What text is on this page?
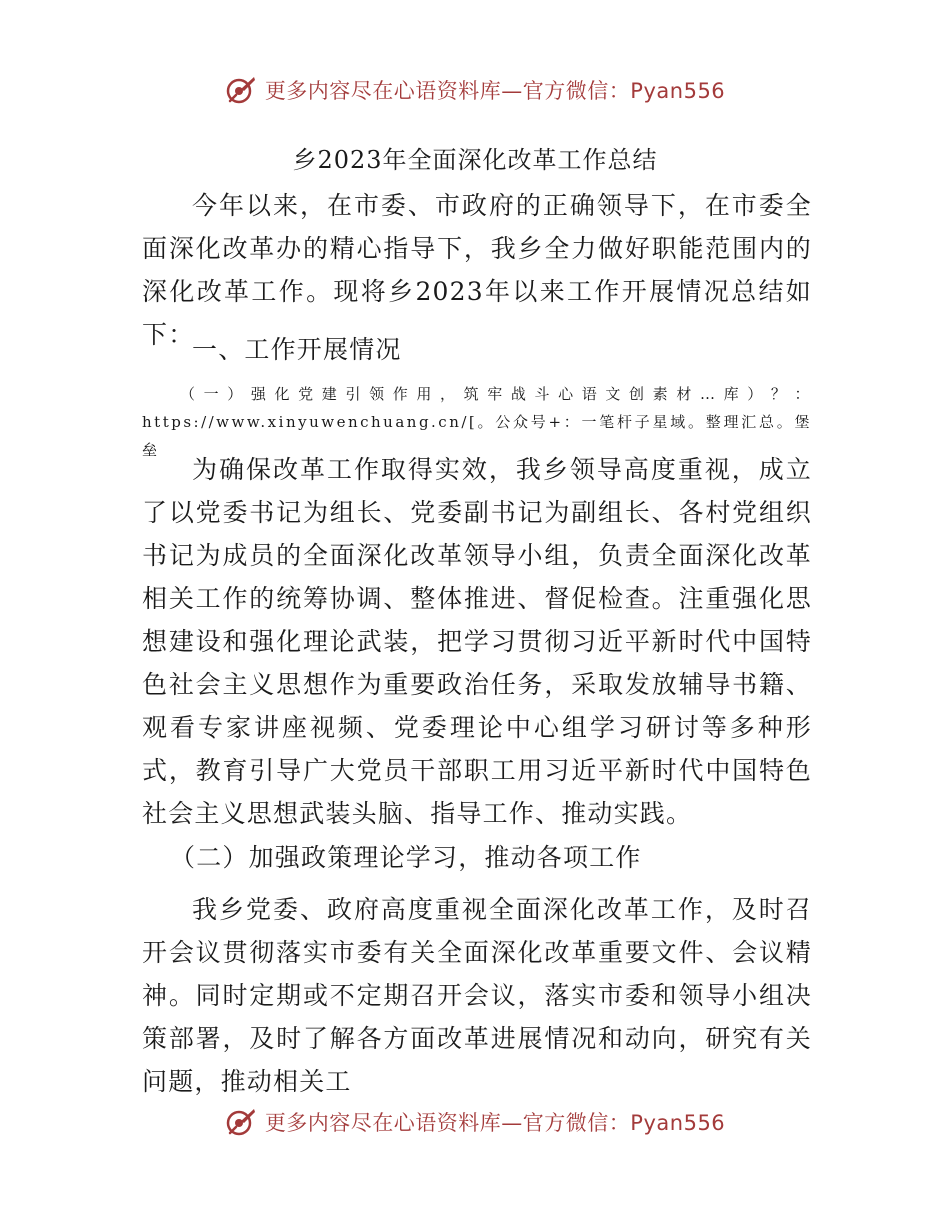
更多内容尽在心语资料库—官方微信：Pyan556
乡2023年全面深化改革工作总结

今年以来，在市委、市政府的正确领导下，在市委全面深化改革办的精心指导下，我乡全力做好职能范围内的深化改革工作。现将乡2023年以来工作开展情况总结如下：

一、工作开展情况

（一）强化党建引领作用，筑牢战斗心语文创素材…库）？：https://www.xinyuwenchuang.cn/[。公众号+：一笔杆子星域。整理汇总。堡垒

为确保改革工作取得实效，我乡领导高度重视，成立了以党委书记为组长、党委副书记为副组长、各村党组织书记为成员的全面深化改革领导小组，负责全面深化改革相关工作的统筹协调、整体推进、督促检查。注重强化思想建设和强化理论武装，把学习贯彻习近平新时代中国特色社会主义思想作为重要政治任务，采取发放辅导书籍、观看专家讲座视频、党委理论中心组学习研讨等多种形式，教育引导广大党员干部职工用习近平新时代中国特色社会主义思想武装头脑、指导工作、推动实践。

（二）加强政策理论学习，推动各项工作

我乡党委、政府高度重视全面深化改革工作，及时召开会议贯彻落实市委有关全面深化改革重要文件、会议精神。同时定期或不定期召开会议，落实市委和领导小组决策部署，及时了解各方面改革进展情况和动向，研究有关问题，推动相关工

更多内容尽在心语资料库—官方微信：Pyan556
